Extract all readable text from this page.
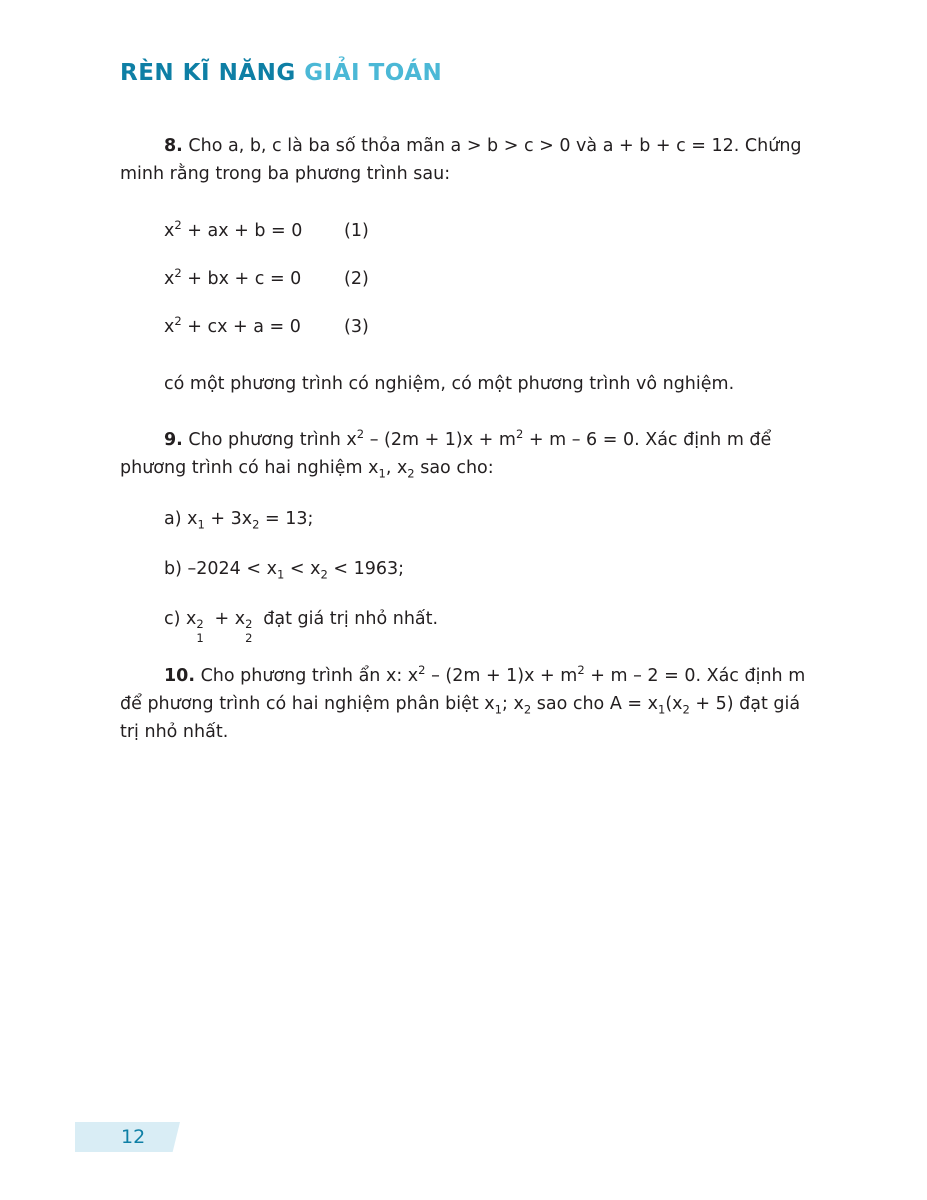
RÈN KĨ NĂNG GIẢI TOÁN

8. Cho a, b, c là ba số thỏa mãn a > b > c > 0 và a + b + c = 12. Chứng minh rằng trong ba phương trình sau:

$x^2$ + ax + b = 0	(1)
$x^2$ + bx + c = 0	(2)
$x^2$ + cx + a = 0	(3)

có một phương trình có nghiệm, có một phương trình vô nghiệm.

9. Cho phương trình $x^2 - (2m + 1)x + m^2 + m - 6 = 0$. Xác định m để phương trình có hai nghiệm $x_1$, $x_2$ sao cho:

a) $x_1 + 3x_2 = 13$;

b) $-2024 < x_1 < x_2 < 1963$;

c) x 2
1
+ x 2
2
đạt giá trị nhỏ nhất.

10. Cho phương trình ẩn x: $x^2 - (2m + 1)x + m^2 + m - 2 = 0$. Xác định m để phương trình có hai nghiệm phân biệt $x_1$; $x_2$ sao cho $A = x_1(x_2 + 5)$ đạt giá trị nhỏ nhất.

12
